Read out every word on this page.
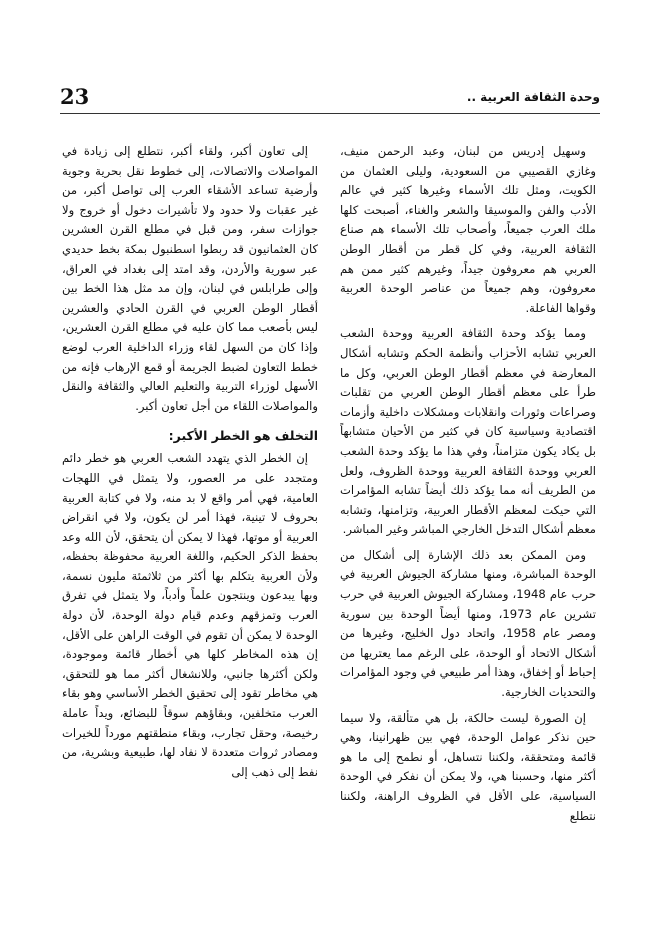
23	وحدة الثقافة العربية ..

وسهيل إدريس من لبنان، وعبد الرحمن منيف، وغازي القصيبي من السعودية، وليلى العثمان من الكويت، ومثل تلك الأسماء وغيرها كثير في عالم الأدب والفن والموسيقا والشعر والغناء، أصبحت كلها ملك العرب جميعاً، وأصحاب تلك الأسماء هم صناع الثقافة العربية، وفي كل قطر من أقطار الوطن العربي هم معروفون جيداً، وغيرهم كثير ممن هم معروفون، وهم جميعاً من عناصر الوحدة العربية وقواها الفاعلة.

ومما يؤكد وحدة الثقافة العربية ووحدة الشعب العربي تشابه الأحزاب وأنظمة الحكم وتشابه أشكال المعارضة في معظم أقطار الوطن العربي، وكل ما طرأ على معظم أقطار الوطن العربي من تقلبات وصراعات وثورات وانقلابات ومشكلات داخلية وأزمات اقتصادية وسياسية كان في كثير من الأحيان متشابهاً بل يكاد يكون متزامناً، وفي هذا ما يؤكد وحدة الشعب العربي ووحدة الثقافة العربية ووحدة الظروف، ولعل من الطريف أنه مما يؤكد ذلك أيضاً تشابه المؤامرات التي حيكت لمعظم الأقطار العربية، وتزامنها، وتشابه معظم أشكال التدخل الخارجي المباشر وغير المباشر.

ومن الممكن بعد ذلك الإشارة إلى أشكال من الوحدة المباشرة، ومنها مشاركة الجيوش العربية في حرب عام 1948، ومشاركة الجيوش العربية في حرب تشرين عام 1973، ومنها أيضاً الوحدة بين سورية ومصر عام 1958، واتحاد دول الخليج، وغيرها من أشكال الاتحاد أو الوحدة، على الرغم مما يعتريها من إحباط أو إخفاق، وهذا أمر طبيعي في وجود المؤامرات والتحديات الخارجية.

إن الصورة ليست حالكة، بل هي متألقة، ولا سيما حين نذكر عوامل الوحدة، فهي بين ظهرانينا، وهي قائمة ومتحققة، ولكننا نتساهل، أو نطمح إلى ما هو أكثر منها، وحسبنا هي، ولا يمكن أن نفكر في الوحدة السياسية، على الأقل في الظروف الراهنة، ولكننا نتطلع

إلى تعاون أكبر، ولقاء أكبر، نتطلع إلى زيادة في المواصلات والاتصالات، إلى خطوط نقل بحرية وجوية وأرضية تساعد الأشقاء العرب إلى تواصل أكبر، من غير عقبات ولا حدود ولا تأشيرات دخول أو خروج ولا جوازات سفر، ومن قبل في مطلع القرن العشرين كان العثمانيون قد ربطوا اسطنبول بمكة بخط حديدي عبر سورية والأردن، وقد امتد إلى بغداد في العراق، وإلى طرابلس في لبنان، وإن مد مثل هذا الخط بين أقطار الوطن العربي في القرن الحادي والعشرين ليس بأصعب مما كان عليه في مطلع القرن العشرين، وإذا كان من السهل لقاء وزراء الداخلية العرب لوضع خطط التعاون لضبط الجريمة أو قمع الإرهاب فإنه من الأسهل لوزراء التربية والتعليم العالي والثقافة والنقل والمواصلات اللقاء من أجل تعاون أكبر.

التخلف هو الخطر الأكبر:

إن الخطر الذي يتهدد الشعب العربي هو خطر دائم ومتجدد على مر العصور، ولا يتمثل في اللهجات العامية، فهي أمر واقع لا بد منه، ولا في كتابة العربية بحروف لا تينية، فهذا أمر لن يكون، ولا في انقراض العربية أو موتها، فهذا لا يمكن أن يتحقق، لأن الله وعد بحفظ الذكر الحكيم، واللغة العربية محفوظة بحفظه، ولأن العربية يتكلم بها أكثر من ثلاثمئة مليون نسمة، وبها يبدعون وينتجون علماً وأدباً، ولا يتمثل في تفرق العرب وتمزقهم وعدم قيام دولة الوحدة، لأن دولة الوحدة لا يمكن أن تقوم في الوقت الراهن على الأقل، إن هذه المخاطر كلها هي أخطار قائمة وموجودة، ولكن أكثرها جانبي، وللانشغال أكثر مما هو للتحقق، هي مخاطر تقود إلى تحقيق الخطر الأساسي وهو بقاء العرب متخلفين، وبقاؤهم سوقاً للبضائع، ويداً عاملة رخيصة، وحقل تجارب، وبقاء منطقتهم مورداً للخيرات ومصادر ثروات متعددة لا نفاد لها، طبيعية وبشرية، من نفط إلى ذهب إلى
